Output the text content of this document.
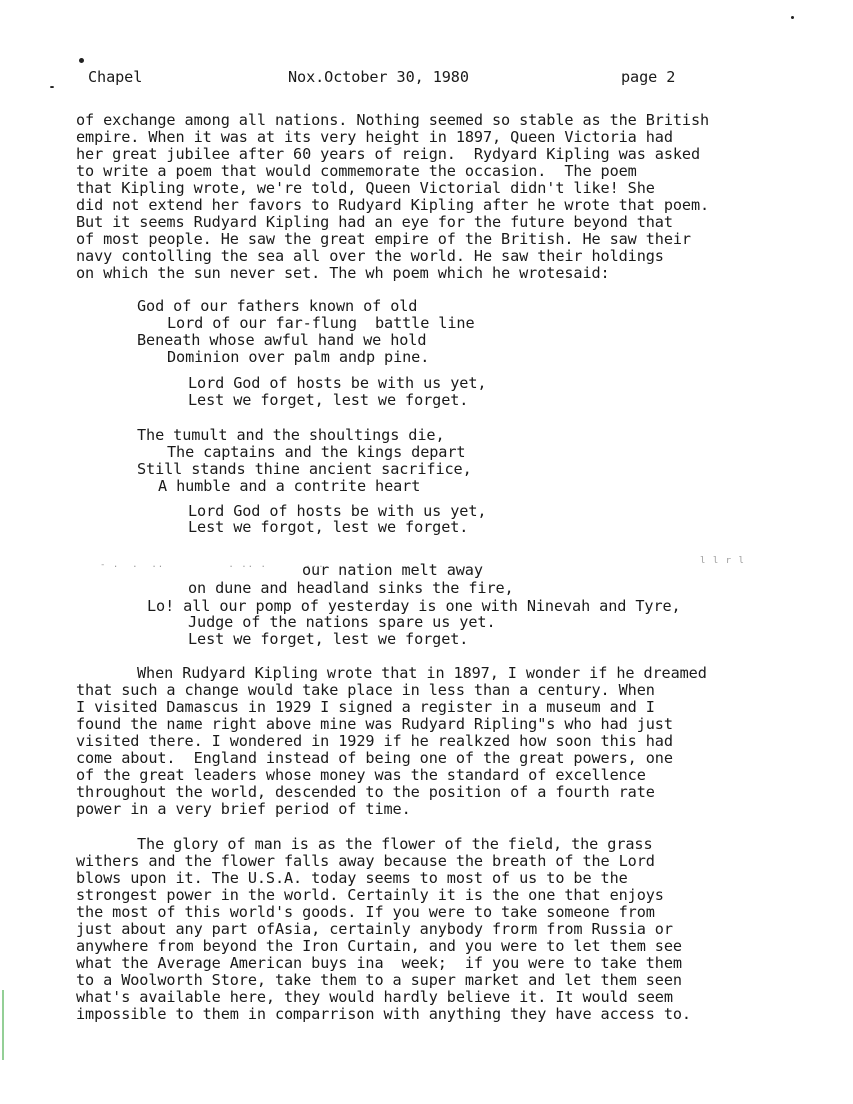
- .  .  ..          . .. .      ...	l l r l
Chapel	Nox.October 30, 1980	page 2
of exchange among all nations. Nothing seemed so stable as the British
empire. When it was at its very height in 1897, Queen Victoria had
her great jubilee after 60 years of reign.  Rydyard Kipling was asked
to write a poem that would commemorate the occasion.  The poem
that Kipling wrote, we're told, Queen Victorial didn't like! She
did not extend her favors to Rudyard Kipling after he wrote that poem.
But it seems Rudyard Kipling had an eye for the future beyond that
of most people. He saw the great empire of the British. He saw their
navy contolling the sea all over the world. He saw their holdings
on which the sun never set. The wh poem which he wrotesaid:
God of our fathers known of old
Lord of our far-flung  battle line
Beneath whose awful hand we hold
Dominion over palm andp pine.
Lord God of hosts be with us yet,
Lest we forget, lest we forget.
The tumult and the shoultings die,
The captains and the kings depart
Still stands thine ancient sacrifice,
A humble and a contrite heart
Lord God of hosts be with us yet,
Lest we forgot, lest we forget.
our nation melt away
on dune and headland sinks the fire,
Lo! all our pomp of yesterday is one with Ninevah and Tyre,
Judge of the nations spare us yet.
Lest we forget, lest we forget.
When Rudyard Kipling wrote that in 1897, I wonder if he dreamed
that such a change would take place in less than a century. When
I visited Damascus in 1929 I signed a register in a museum and I
found the name right above mine was Rudyard Ripling"s who had just
visited there. I wondered in 1929 if he realkzed how soon this had
come about.  England instead of being one of the great powers, one
of the great leaders whose money was the standard of excellence
throughout the world, descended to the position of a fourth rate
power in a very brief period of time.
The glory of man is as the flower of the field, the grass
withers and the flower falls away because the breath of the Lord
blows upon it. The U.S.A. today seems to most of us to be the
strongest power in the world. Certainly it is the one that enjoys
the most of this world's goods. If you were to take someone from
just about any part ofAsia, certainly anybody frorm from Russia or
anywhere from beyond the Iron Curtain, and you were to let them see
what the Average American buys ina  week;  if you were to take them
to a Woolworth Store, take them to a super market and let them seen
what's available here, they would hardly believe it. It would seem
impossible to them in comparrison with anything they have access to.
